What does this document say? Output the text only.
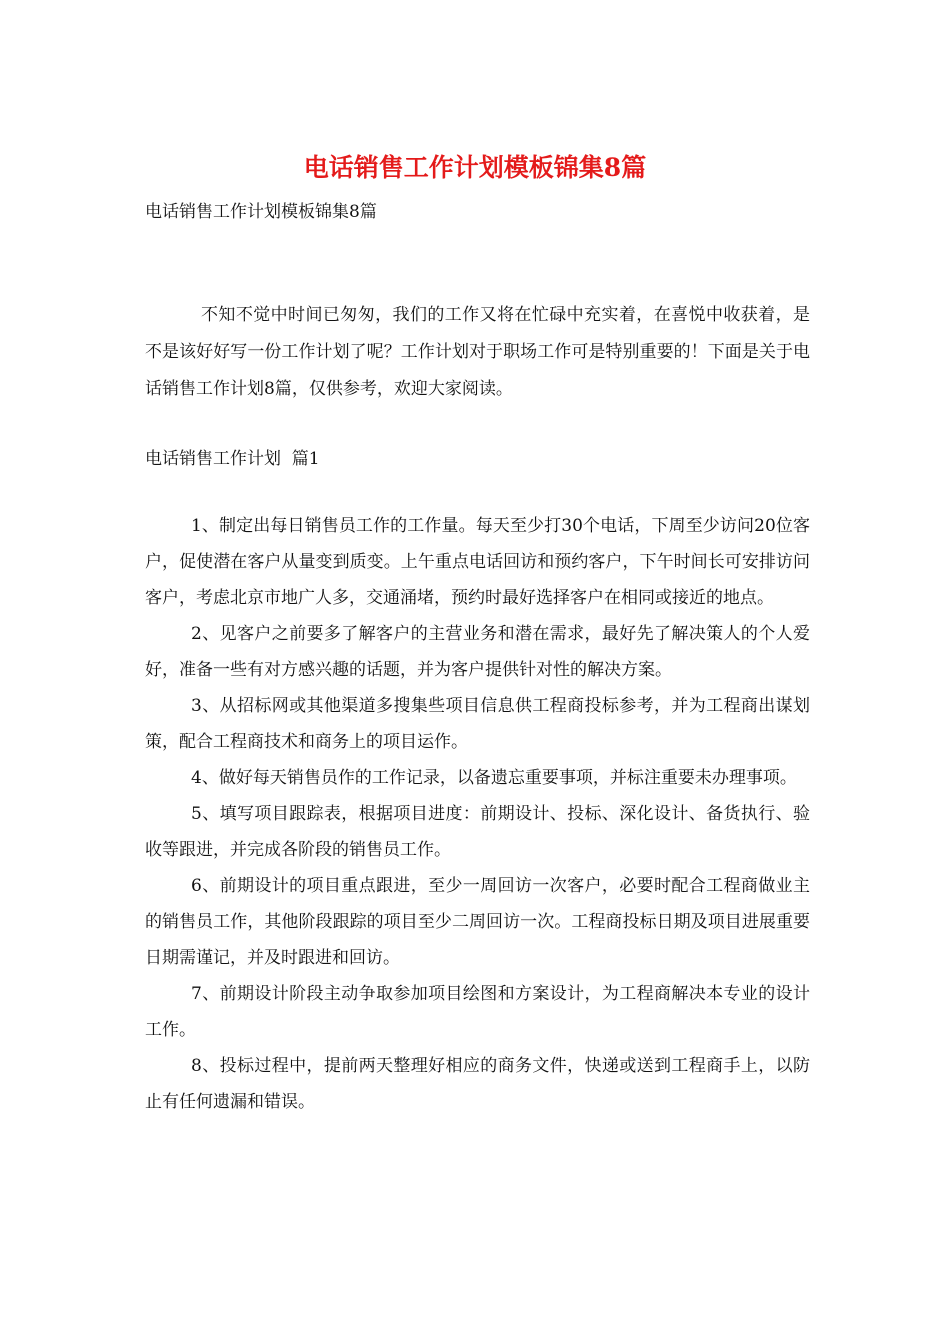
电话销售工作计划模板锦集8篇
电话销售工作计划模板锦集8篇

不知不觉中时间已匆匆，我们的工作又将在忙碌中充实着，在喜悦中收获着，是不是该好好写一份工作计划了呢？工作计划对于职场工作可是特别重要的！下面是关于电话销售工作计划8篇，仅供参考，欢迎大家阅读。

电话销售工作计划  篇1

1、制定出每日销售员工作的工作量。每天至少打30个电话，下周至少访问20位客户，促使潜在客户从量变到质变。上午重点电话回访和预约客户，下午时间长可安排访问客户，考虑北京市地广人多，交通涌堵，预约时最好选择客户在相同或接近的地点。

2、见客户之前要多了解客户的主营业务和潜在需求，最好先了解决策人的个人爱好，准备一些有对方感兴趣的话题，并为客户提供针对性的解决方案。

3、从招标网或其他渠道多搜集些项目信息供工程商投标参考，并为工程商出谋划策，配合工程商技术和商务上的项目运作。

4、做好每天销售员作的工作记录，以备遗忘重要事项，并标注重要未办理事项。

5、填写项目跟踪表，根据项目进度：前期设计、投标、深化设计、备货执行、验收等跟进，并完成各阶段的销售员工作。

6、前期设计的项目重点跟进，至少一周回访一次客户，必要时配合工程商做业主的销售员工作，其他阶段跟踪的项目至少二周回访一次。工程商投标日期及项目进展重要日期需谨记，并及时跟进和回访。

7、前期设计阶段主动争取参加项目绘图和方案设计，为工程商解决本专业的设计工作。

8、投标过程中，提前两天整理好相应的商务文件，快递或送到工程商手上，以防止有任何遗漏和错误。
